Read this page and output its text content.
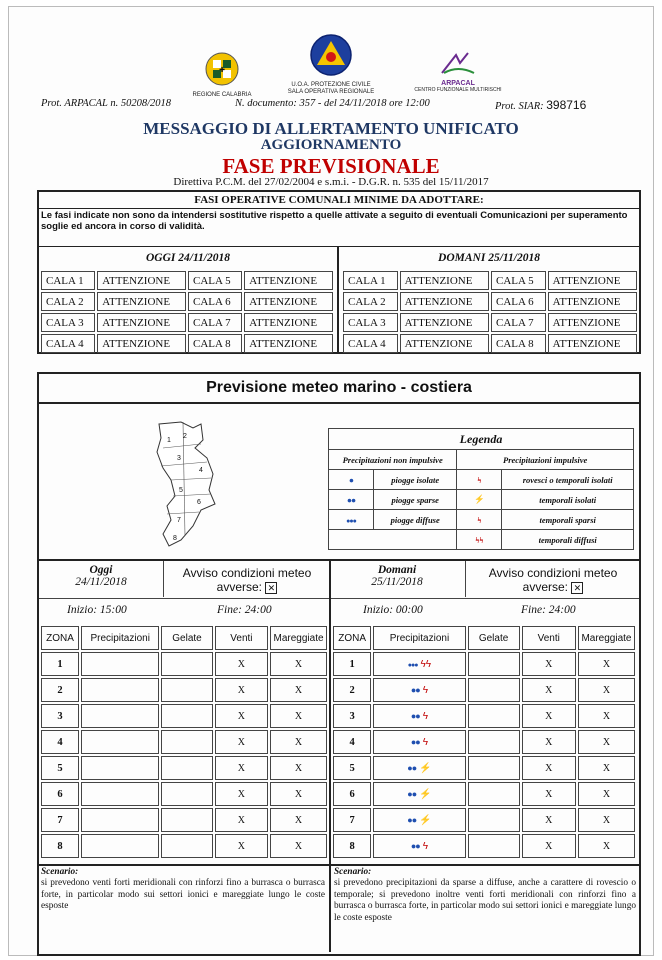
✚
REGIONE CALABRIA
U.O.A. PROTEZIONE CIVILE
SALA OPERATIVA REGIONALE
ARPACAL
CENTRO FUNZIONALE MULTIRISCHI
Prot. ARPACAL n. 50208/2018	N. documento: 357 - del 24/11/2018 ore 12:00	Prot. SIAR: 398716
MESSAGGIO DI ALLERTAMENTO UNIFICATO
AGGIORNAMENTO
FASE PREVISIONALE
Direttiva P.C.M. del 27/02/2004 e s.m.i. - D.G.R. n. 535 del 15/11/2017
FASI OPERATIVE COMUNALI MINIME DA ADOTTARE:
Le fasi indicate non sono da intendersi sostitutive rispetto a quelle attivate a seguito di eventuali Comunicazioni per superamento soglie ed ancora in corso di validità.
OGGI 24/11/2018	DOMANI 25/11/2018
CALA 1	ATTENZIONE	CALA 5	ATTENZIONE
CALA 2	ATTENZIONE	CALA 6	ATTENZIONE
CALA 3	ATTENZIONE	CALA 7	ATTENZIONE
CALA 4	ATTENZIONE	CALA 8	ATTENZIONE
CALA 1	ATTENZIONE	CALA 5	ATTENZIONE
CALA 2	ATTENZIONE	CALA 6	ATTENZIONE
CALA 3	ATTENZIONE	CALA 7	ATTENZIONE
CALA 4	ATTENZIONE	CALA 8	ATTENZIONE
Previsione meteo marino - costiera
1
2
3
4
5
6
7
8
Legenda			
Precipitazioni non impulsive		Precipitazioni impulsive	
●	piogge isolate	ϟ	rovesci o temporali isolati
●●	piogge sparse	⚡	temporali isolati
●●●	piogge diffuse	ϟ	temporali sparsi
		ϟϟ	temporali diffusi
Oggi
24/11/2018
Avviso condizioni meteo avverse: ✕
Inizio: 15:00	Fine: 24:00
Domani
25/11/2018
Avviso condizioni meteo avverse: ✕
Inizio: 00:00	Fine: 24:00
ZONA	Precipitazioni	Gelate	Venti	Mareggiate
1			X	X
2			X	X
3			X	X
4			X	X
5			X	X
6			X	X
7			X	X
8			X	X
ZONA	Precipitazioni	Gelate	Venti	Mareggiate
1	●●● ϟϟ		X	X
2	●● ϟ		X	X
3	●● ϟ		X	X
4	●● ϟ		X	X
5	●● ⚡		X	X
6	●● ⚡		X	X
7	●● ⚡		X	X
8	●● ϟ		X	X
Scenario:
si prevedono venti forti meridionali con rinforzi fino a burrasca o burrasca forte, in particolar modo sui settori ionici e mareggiate lungo le coste esposte
Scenario:
si prevedono precipitazioni da sparse a diffuse, anche a carattere di rovescio o temporale; si prevedono inoltre venti forti meridionali con rinforzi fino a burrasca o burrasca forte, in particolar modo sui settori ionici e mareggiate lungo le coste esposte
